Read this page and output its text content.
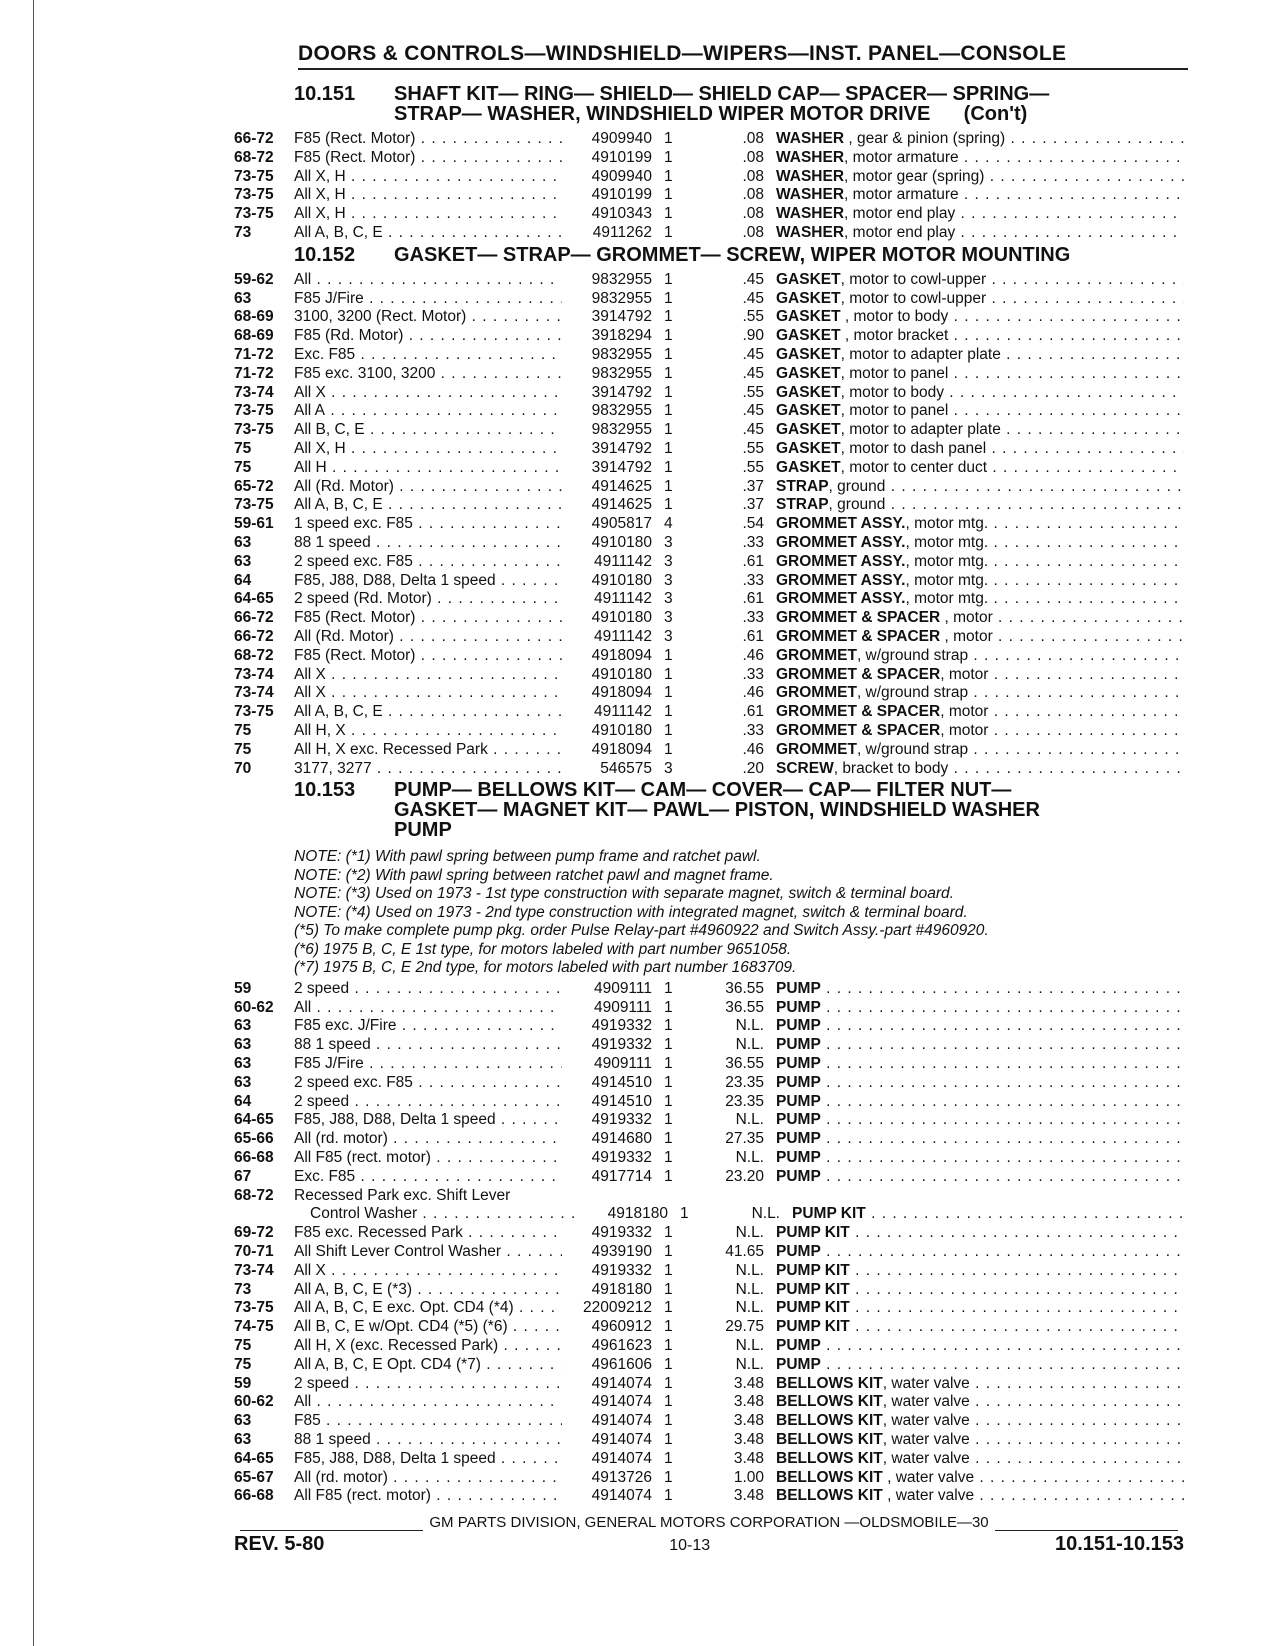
DOORS & CONTROLS—WINDSHIELD—WIPERS—INST. PANEL—CONSOLE
10.151	SHAFT KIT— RING— SHIELD— SHIELD CAP— SPACER— SPRING—
STRAP— WASHER, WINDSHIELD WIPER MOTOR DRIVE      (Con't)
66-72	F85 (Rect. Motor) . . .	4909940 1	.08 WASHER , gear & pinion (spring) . . .
68-72	F85 (Rect. Motor) . . .	4910199 1	.08 WASHER, motor armature . . .
73-75	All X, H . . .	4909940 1	.08 WASHER, motor gear (spring) . . .
73-75	All X, H . . .	4910199 1	.08 WASHER, motor armature . . .
73-75	All X, H . . .	4910343 1	.08 WASHER, motor end play . . .
73	All A, B, C, E . . .	4911262 1	.08 WASHER, motor end play . . .
10.152	GASKET— STRAP— GROMMET— SCREW, WIPER MOTOR MOUNTING
59-62	All . . .	9832955 1	.45 GASKET, motor to cowl-upper . . .
63	F85 J/Fire . . .	9832955 1	.45 GASKET, motor to cowl-upper . . .
68-69	3100, 3200 (Rect. Motor) . . .	3914792 1	.55 GASKET , motor to body . . .
68-69	F85 (Rd. Motor) . . .	3918294 1	.90 GASKET , motor bracket . . .
71-72	Exc. F85 . . .	9832955 1	.45 GASKET, motor to adapter plate . . .
71-72	F85 exc. 3100, 3200 . . .	9832955 1	.45 GASKET, motor to panel . . .
73-74	All X . . .	3914792 1	.55 GASKET, motor to body . . .
73-75	All A . . .	9832955 1	.45 GASKET, motor to panel . . .
73-75	All B, C, E . . .	9832955 1	.45 GASKET, motor to adapter plate . . .
75	All X, H . . .	3914792 1	.55 GASKET, motor to dash panel . . .
75	All H . . .	3914792 1	.55 GASKET, motor to center duct . . .
65-72	All (Rd. Motor) . . .	4914625 1	.37 STRAP, ground . . .
73-75	All A, B, C, E . . .	4914625 1	.37 STRAP, ground . . .
59-61	1 speed exc. F85 . . .	4905817 4	.54 GROMMET ASSY., motor mtg. . . .
63	88 1 speed . . .	4910180 3	.33 GROMMET ASSY., motor mtg. . . .
63	2 speed exc. F85 . . .	4911142 3	.61 GROMMET ASSY., motor mtg. . . .
64	F85, J88, D88, Delta 1 speed . . .	4910180 3	.33 GROMMET ASSY., motor mtg. . . .
64-65	2 speed (Rd. Motor) . . .	4911142 3	.61 GROMMET ASSY., motor mtg. . . .
66-72	F85 (Rect. Motor) . . .	4910180 3	.33 GROMMET & SPACER , motor . . .
66-72	All (Rd. Motor) . . .	4911142 3	.61 GROMMET & SPACER , motor . . .
68-72	F85 (Rect. Motor) . . .	4918094 1	.46 GROMMET, w/ground strap . . .
73-74	All X . . .	4910180 1	.33 GROMMET & SPACER, motor . . .
73-74	All X . . .	4918094 1	.46 GROMMET, w/ground strap . . .
73-75	All A, B, C, E . . .	4911142 1	.61 GROMMET & SPACER, motor . . .
75	All H, X . . .	4910180 1	.33 GROMMET & SPACER, motor . . .
75	All H, X exc. Recessed Park . . .	4918094 1	.46 GROMMET, w/ground strap . . .
70	3177, 3277 . . .	546575 3	.20 SCREW, bracket to body . . .
10.153	PUMP— BELLOWS KIT— CAM— COVER— CAP— FILTER NUT—
GASKET— MAGNET KIT— PAWL— PISTON, WINDSHIELD WASHER
PUMP
NOTE: (*1) With pawl spring between pump frame and ratchet pawl.
NOTE: (*2) With pawl spring between ratchet pawl and magnet frame.
NOTE: (*3) Used on 1973 - 1st type construction with separate magnet, switch & terminal board.
NOTE: (*4) Used on 1973 - 2nd type construction with integrated magnet, switch & terminal board.
(*5) To make complete pump pkg. order Pulse Relay-part #4960922 and Switch Assy.-part #4960920.
(*6) 1975 B, C, E 1st type, for motors labeled with part number 9651058.
(*7) 1975 B, C, E 2nd type, for motors labeled with part number 1683709.
59	2 speed . . .	4909111 1	36.55 PUMP . . .
60-62	All . . .	4909111 1	36.55 PUMP . . .
63	F85 exc. J/Fire . . .	4919332 1	N.L. PUMP . . .
63	88 1 speed . . .	4919332 1	N.L. PUMP . . .
63	F85 J/Fire . . .	4909111 1	36.55 PUMP . . .
63	2 speed exc. F85 . . .	4914510 1	23.35 PUMP . . .
64	2 speed . . .	4914510 1	23.35 PUMP . . .
64-65	F85, J88, D88, Delta 1 speed . . .	4919332 1	N.L. PUMP . . .
65-66	All (rd. motor) . . .	4914680 1	27.35 PUMP . . .
66-68	All F85 (rect. motor) . . .	4919332 1	N.L. PUMP . . .
67	Exc. F85 . . .	4917714 1	23.20 PUMP . . .
68-72	Recessed Park exc. Shift Lever
Control Washer . . .	4918180 1	N.L. PUMP KIT . . .
69-72	F85 exc. Recessed Park . . .	4919332 1	N.L. PUMP KIT . . .
70-71	All Shift Lever Control Washer . . .	4939190 1	41.65 PUMP . . .
73-74	All X . . .	4919332 1	N.L. PUMP KIT . . .
73	All A, B, C, E (*3) . . .	4918180 1	N.L. PUMP KIT . . .
73-75	All A, B, C, E exc. Opt. CD4 (*4) . . .	22009212 1	N.L. PUMP KIT . . .
74-75	All B, C, E w/Opt. CD4 (*5) (*6) . . .	4960912 1	29.75 PUMP KIT . . .
75	All H, X (exc. Recessed Park) . . .	4961623 1	N.L. PUMP . . .
75	All A, B, C, E Opt. CD4 (*7) . . .	4961606 1	N.L. PUMP . . .
59	2 speed . . .	4914074 1	3.48 BELLOWS KIT, water valve . . .
60-62	All . . .	4914074 1	3.48 BELLOWS KIT, water valve . . .
63	F85 . . .	4914074 1	3.48 BELLOWS KIT, water valve . . .
63	88 1 speed . . .	4914074 1	3.48 BELLOWS KIT, water valve . . .
64-65	F85, J88, D88, Delta 1 speed . . .	4914074 1	3.48 BELLOWS KIT, water valve . . .
65-67	All (rd. motor) . . .	4913726 1	1.00 BELLOWS KIT , water valve . . .
66-68	All F85 (rect. motor) . . .	4914074 1	3.48 BELLOWS KIT , water valve . . .
GM PARTS DIVISION, GENERAL MOTORS CORPORATION —OLDSMOBILE—30
REV. 5-80	10-13	10.151-10.153
